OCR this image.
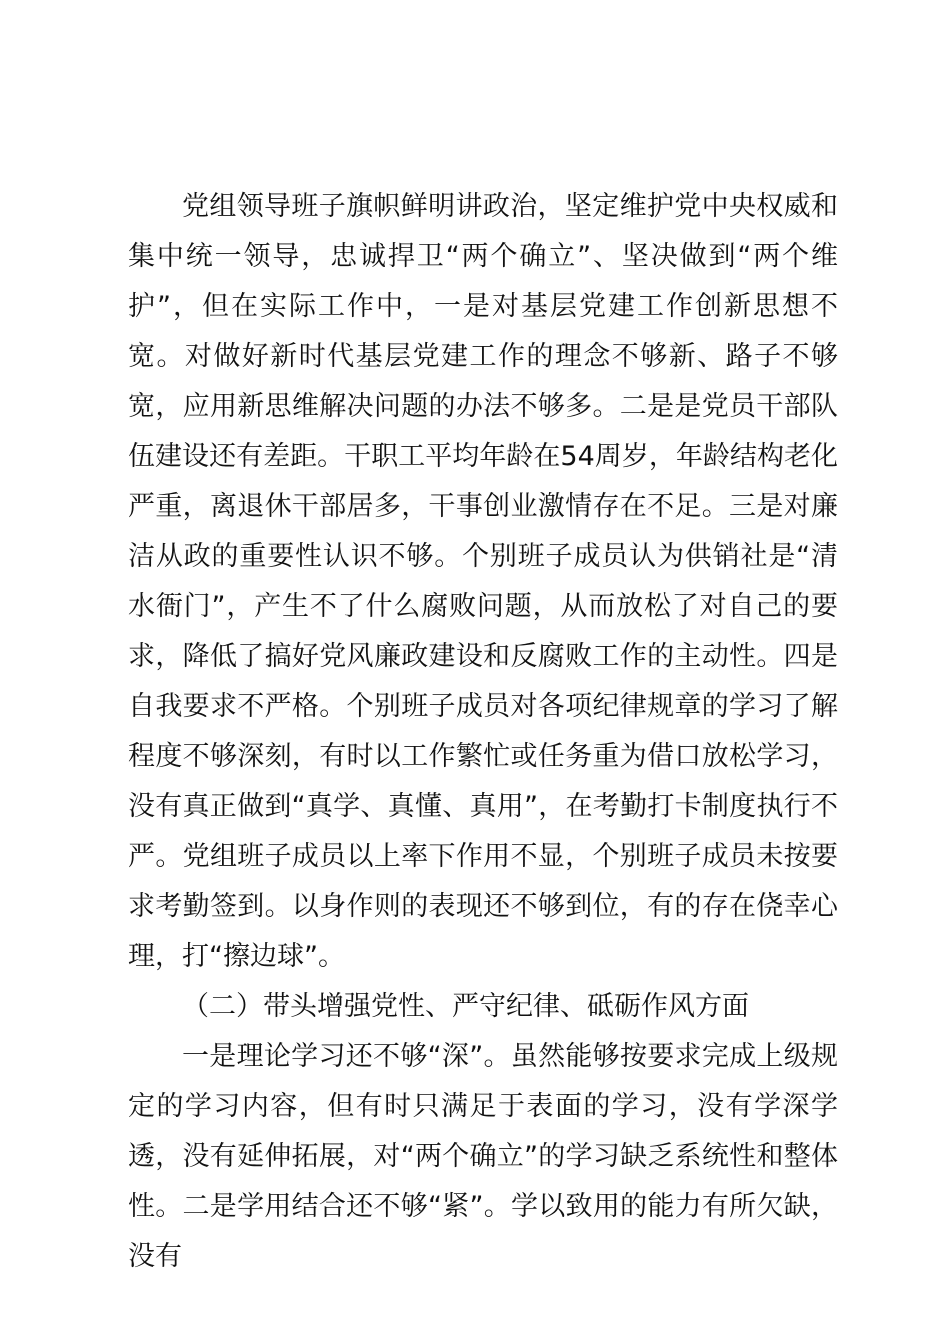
党组领导班子旗帜鲜明讲政治，坚定维护党中央权威和集中统一领导，忠诚捍卫“两个确立”、坚决做到“两个维护”，但在实际工作中，一是对基层党建工作创新思想不宽。对做好新时代基层党建工作的理念不够新、路子不够宽，应用新思维解决问题的办法不够多。二是是党员干部队伍建设还有差距。干职工平均年龄在54周岁，年龄结构老化严重，离退休干部居多，干事创业激情存在不足。三是对廉洁从政的重要性认识不够。个别班子成员认为供销社是“清水衙门”，产生不了什么腐败问题，从而放松了对自己的要求，降低了搞好党风廉政建设和反腐败工作的主动性。四是自我要求不严格。个别班子成员对各项纪律规章的学习了解程度不够深刻，有时以工作繁忙或任务重为借口放松学习，没有真正做到“真学、真懂、真用”，在考勤打卡制度执行不严。党组班子成员以上率下作用不显，个别班子成员未按要求考勤签到。以身作则的表现还不够到位，有的存在侥幸心理，打“擦边球”。

（二）带头增强党性、严守纪律、砥砺作风方面

一是理论学习还不够“深”。虽然能够按要求完成上级规定的学习内容，但有时只满足于表面的学习，没有学深学透，没有延伸拓展，对“两个确立”的学习缺乏系统性和整体性。二是学用结合还不够“紧”。学以致用的能力有所欠缺，没有
